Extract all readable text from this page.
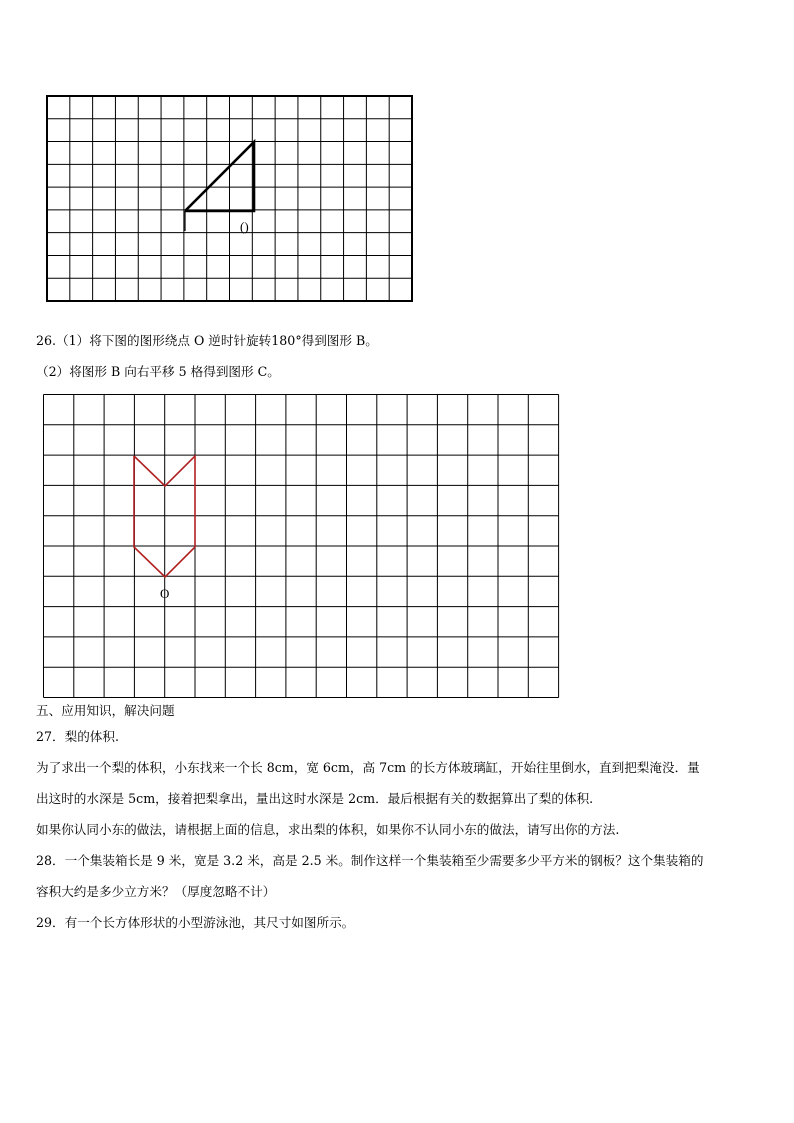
()
26.（1）将下图的图形绕点 O 逆时针旋转180°得到图形 B。
（2）将图形 B 向右平移 5 格得到图形 C。
O
五、应用知识，解决问题
27．梨的体积.
为了求出一个梨的体积，小东找来一个长 8cm，宽 6cm，高 7cm 的长方体玻璃缸，开始往里倒水，直到把梨淹没．量
出这时的水深是 5cm，接着把梨拿出，量出这时水深是 2cm．最后根据有关的数据算出了梨的体积.
如果你认同小东的做法，请根据上面的信息，求出梨的体积，如果你不认同小东的做法，请写出你的方法.
28．一个集装箱长是 9 米，宽是 3.2 米，高是 2.5 米。制作这样一个集装箱至少需要多少平方米的钢板？这个集装箱的
容积大约是多少立方米？（厚度忽略不计）
29．有一个长方体形状的小型游泳池，其尺寸如图所示。
